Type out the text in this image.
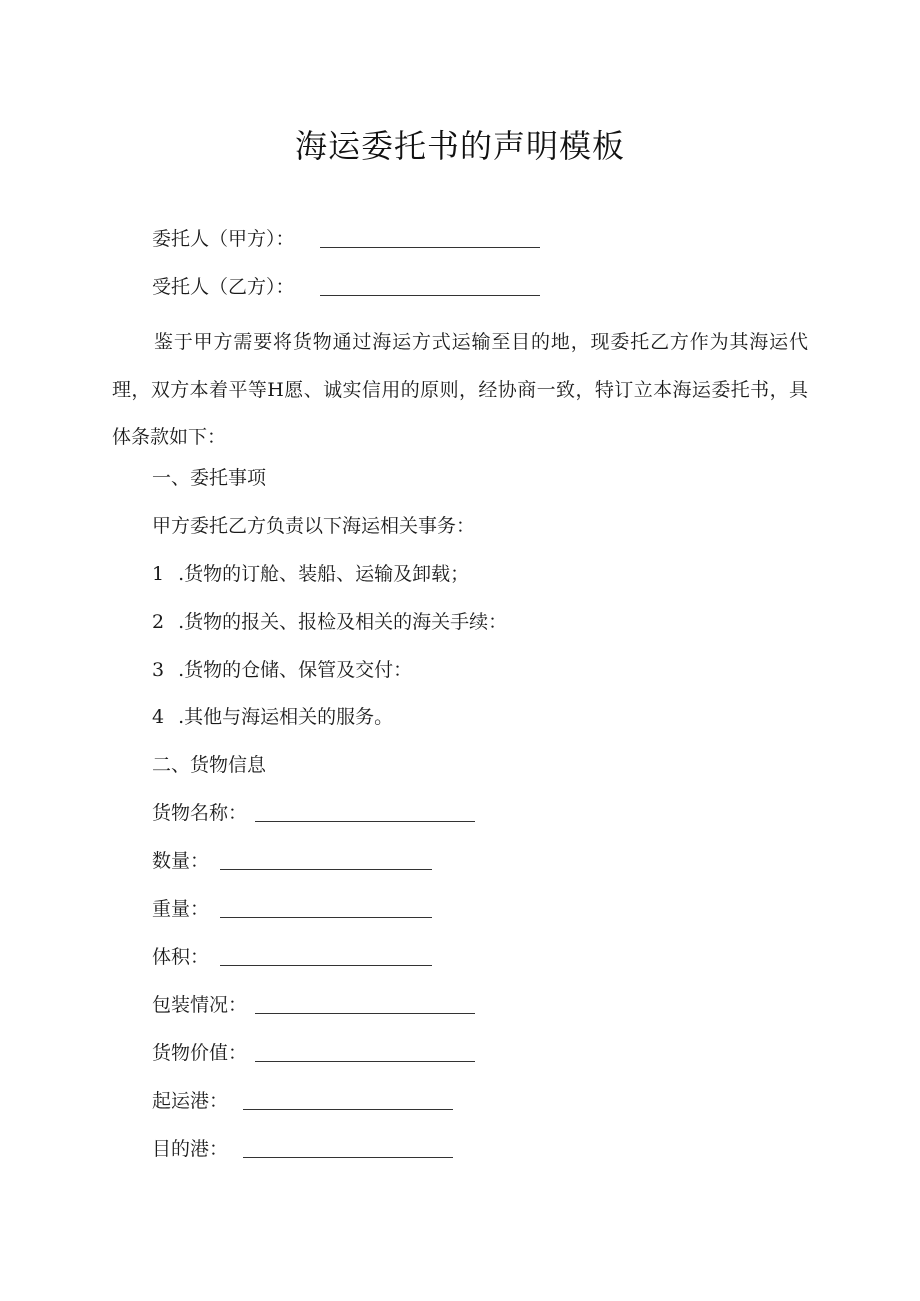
海运委托书的声明模板
委托人（甲方）：
受托人（乙方）：
鉴于甲方需要将货物通过海运方式运输至目的地，现委托乙方作为其海运代理，双方本着平等H愿、诚实信用的原则，经协商一致，特订立本海运委托书，具体条款如下：
一、委托事项
甲方委托乙方负责以下海运相关事务：
1 .货物的订舱、装船、运输及卸载；
2 .货物的报关、报检及相关的海关手续：
3 .货物的仓储、保管及交付：
4 .其他与海运相关的服务。
二、货物信息
货物名称：
数量：
重量：
体积：
包装情况：
货物价值：
起运港：
目的港：
